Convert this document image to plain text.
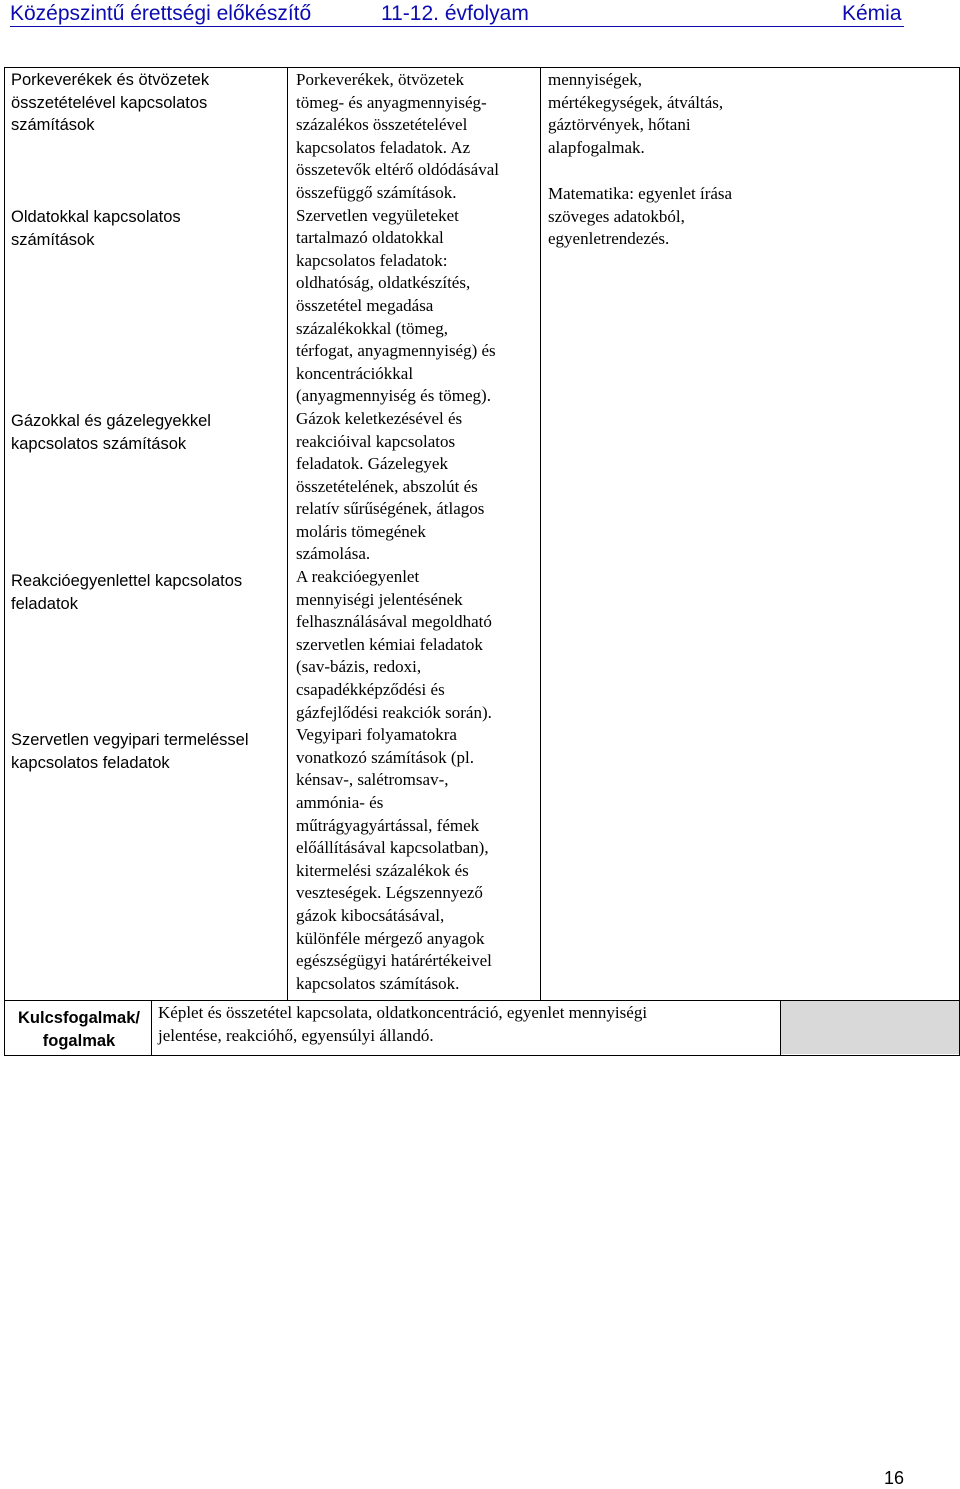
Középszintű érettségi előkészítő	11-12. évfolyam	Kémia
Porkeverékek és ötvözetek
összetételével kapcsolatos
számítások
Oldatokkal kapcsolatos
számítások
Gázokkal és gázelegyekkel
kapcsolatos számítások
Reakcióegyenlettel kapcsolatos
feladatok
Szervetlen vegyipari termeléssel
kapcsolatos feladatok
Porkeverékek, ötvözetek
tömeg- és anyagmennyiség-
százalékos összetételével
kapcsolatos feladatok. Az
összetevők eltérő oldódásával
összefüggő számítások.
Szervetlen vegyületeket
tartalmazó oldatokkal
kapcsolatos feladatok:
oldhatóság, oldatkészítés,
összetétel megadása
százalékokkal (tömeg,
térfogat, anyagmennyiség) és
koncentrációkkal
(anyagmennyiség és tömeg).
Gázok keletkezésével és
reakcióival kapcsolatos
feladatok. Gázelegyek
összetételének, abszolút és
relatív sűrűségének, átlagos
moláris tömegének
számolása.
A reakcióegyenlet
mennyiségi jelentésének
felhasználásával megoldható
szervetlen kémiai feladatok
(sav-bázis, redoxi,
csapadékképződési és
gázfejlődési reakciók során).
Vegyipari folyamatokra
vonatkozó számítások (pl.
kénsav-, salétromsav-,
ammónia- és
műtrágyagyártással, fémek
előállításával kapcsolatban),
kitermelési százalékok és
veszteségek. Légszennyező
gázok kibocsátásával,
különféle mérgező anyagok
egészségügyi határértékeivel
kapcsolatos számítások.
mennyiségek,
mértékegységek, átváltás,
gáztörvények, hőtani
alapfogalmak.
Matematika: egyenlet írása
szöveges adatokból,
egyenletrendezés.
Kulcsfogalmak/
fogalmak
Képlet és összetétel kapcsolata, oldatkoncentráció, egyenlet mennyiségi
jelentése, reakcióhő, egyensúlyi állandó.
16
